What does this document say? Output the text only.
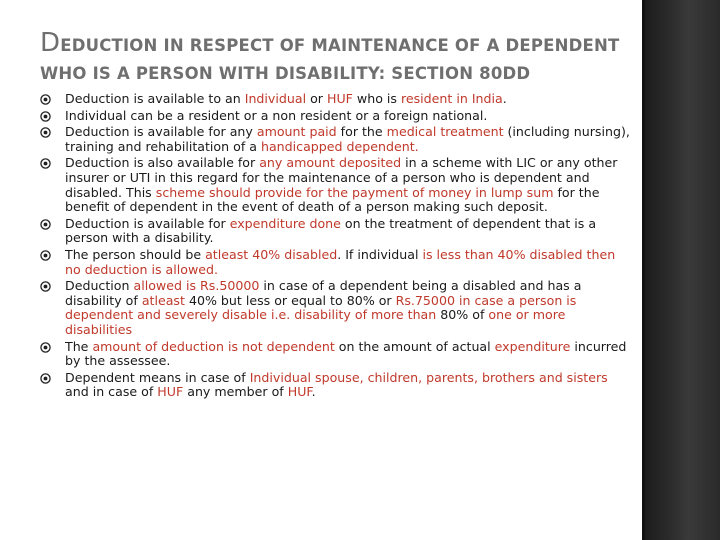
DEDUCTION IN RESPECT OF MAINTENANCE OF A DEPENDENT
WHO IS A PERSON WITH DISABILITY: SECTION 80DD
Deduction is available to an Individual or HUF who is resident in India.
Individual can be a resident or a non resident or a foreign national.
Deduction is available for any amount paid for the medical treatment (including nursing), training and rehabilitation of a handicapped dependent.
Deduction is also available for any amount deposited in a scheme with LIC or any other insurer or UTI in this regard for the maintenance of a person who is dependent and disabled. This scheme should provide for the payment of money in lump sum for the benefit of dependent in the event of death of a person making such deposit.
Deduction is available for expenditure done on the treatment of dependent that is a person with a disability.
The person should be atleast 40% disabled. If individual is less than 40% disabled then no deduction is allowed.
Deduction allowed is Rs.50000 in case of a dependent being a disabled and has a disability of atleast 40% but less or equal to 80% or Rs.75000 in case a person is dependent and severely disable i.e. disability of more than 80% of one or more disabilities
The amount of deduction is not dependent on the amount of actual expenditure incurred by the assessee.
Dependent means in case of Individual spouse, children, parents, brothers and sisters and in case of HUF any member of HUF.
